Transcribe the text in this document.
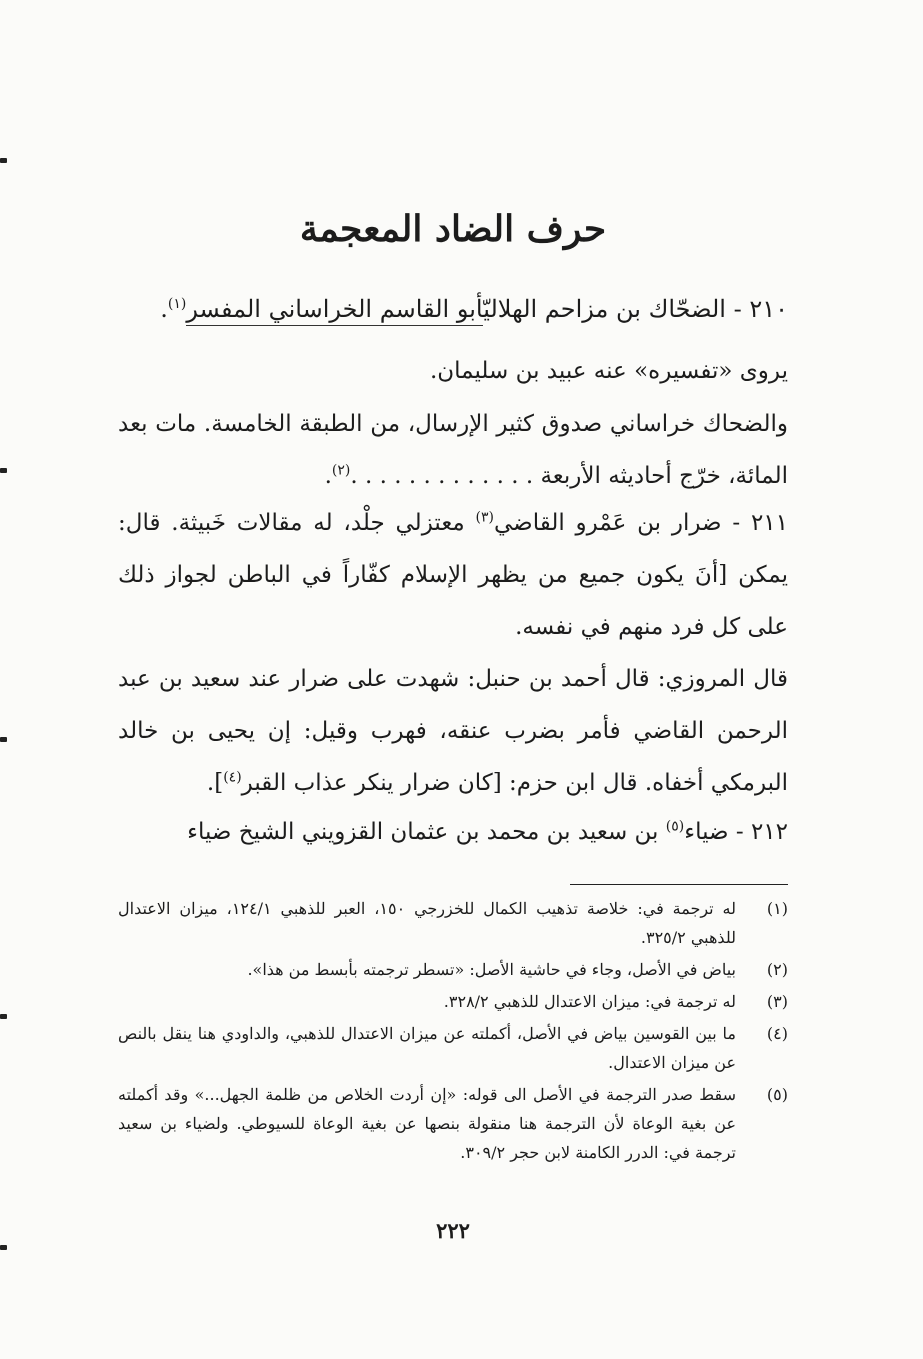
حرف الضاد المعجمة
٢١٠ - الضحّاك بن مزاحم الهلاليّأبو القاسم الخراساني المفسر$^{(١)}$.
يروى «تفسيره» عنه عبيد بن سليمان.
والضحاك خراساني صدوق كثير الإرسال، من الطبقة الخامسة. مات بعد المائة، خرّج أحاديثه الأربعة . . . . . . . . . . . . .$^{(٢)}$.
٢١١ - ضرار بن عَمْرو القاضي$^{(٣)}$ معتزلي جلْد، له مقالات خَبيثة. قال: يمكن [أنَ يكون جميع من يظهر الإسلام كفّاراً في الباطن لجواز ذلك على كل فرد منهم في نفسه.
قال المروزي: قال أحمد بن حنبل: شهدت على ضرار عند سعيد بن عبد الرحمن القاضي فأمر بضرب عنقه، فهرب وقيل: إن يحيى بن خالد البرمكي أخفاه. قال ابن حزم: [كان ضرار ينكر عذاب القبر$^{(٤)}$].
٢١٢ - ضياء$^{(٥)}$ بن سعيد بن محمد بن عثمان القزويني الشيخ ضياء
(١)
له ترجمة في: خلاصة تذهيب الكمال للخزرجي ١٥٠، العبر للذهبي ١٢٤/١، ميزان الاعتدال للذهبي ٣٢٥/٢.
(٢)
بياض في الأصل، وجاء في حاشية الأصل: «تسطر ترجمته بأبسط من هذا».
(٣)
له ترجمة في: ميزان الاعتدال للذهبي ٣٢٨/٢.
(٤)
ما بين القوسين بياض في الأصل، أكملته عن ميزان الاعتدال للذهبي، والداودي هنا ينقل بالنص عن ميزان الاعتدال.
(٥)
سقط صدر الترجمة في الأصل الى قوله: «إن أردت الخلاص من ظلمة الجهل...» وقد أكملته عن بغية الوعاة لأن الترجمة هنا منقولة بنصها عن بغية الوعاة للسيوطي. ولضياء بن سعيد ترجمة في: الدرر الكامنة لابن حجر ٣٠٩/٢.
٢٢٢
